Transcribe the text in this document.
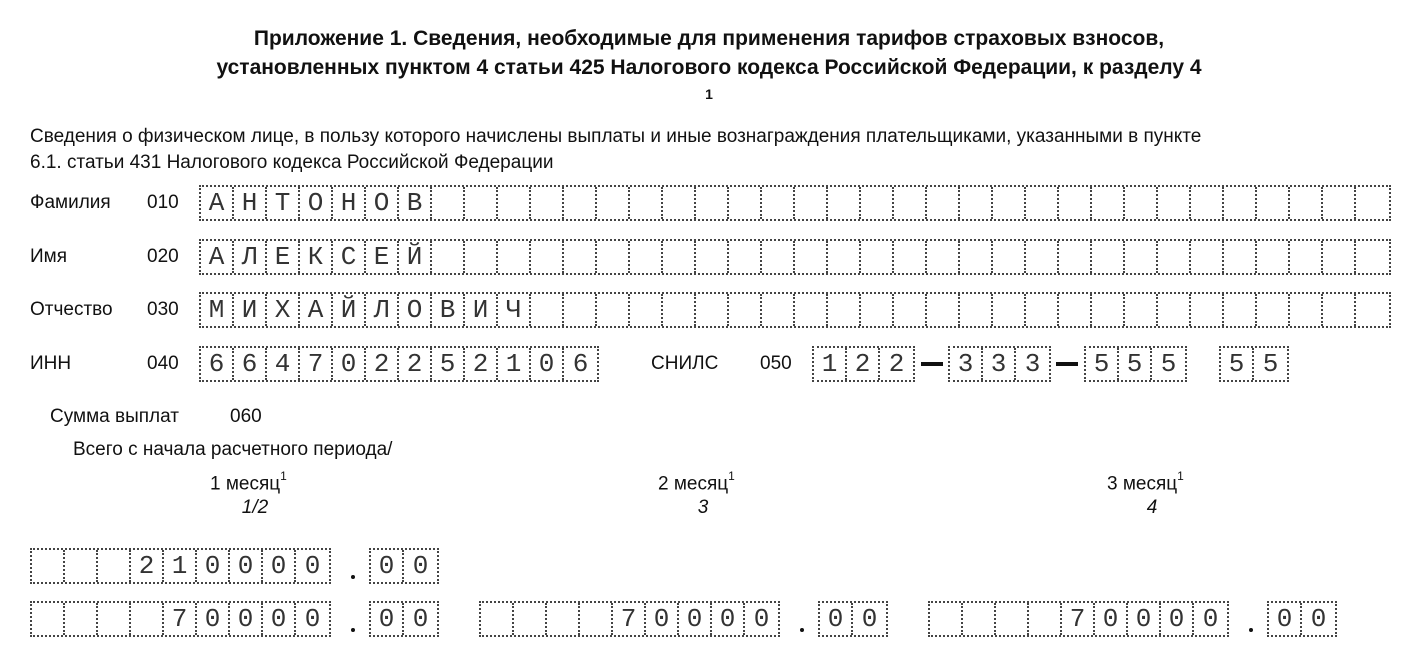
Приложение 1. Сведения, необходимые для применения тарифов страховых взносов,
установленных пунктом 4 статьи 425 Налогового кодекса Российской Федерации, к разделу 4
1
Сведения о физическом лице, в пользу которого начислены выплаты и иные вознаграждения плательщиками, указанными в пункте
6.1. статьи 431 Налогового кодекса Российской Федерации
Фамилия 010 А Н Т О Н О В
Имя	020 А Л Е К С Е Й
Отчество 030 М И Х А Й Л О В И Ч
ИНН	040 6 6 4 7 0 2 2 5 2 1 0 6	СНИЛС 050 1 2 2	3 3 3	5 5 5	5 5
Сумма выплат	060
Всего с начала расчетного периода/
1 месяц$^1$
1/2
2 месяц$^1$
3
3 месяц$^1$
4
2 1 0 0 0 0	0 0
7 0 0 0 0	0 0	7 0 0 0 0	0 0	7 0 0 0 0	0 0
